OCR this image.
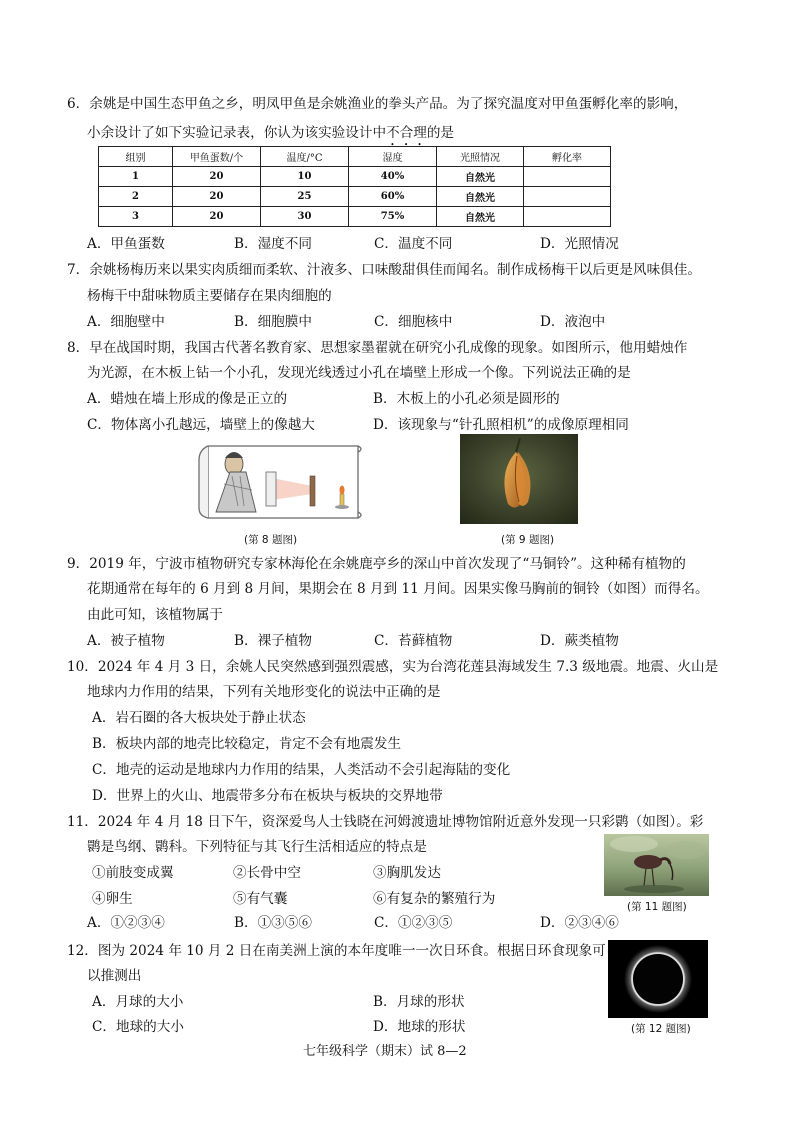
6．余姚是中国生态甲鱼之乡，明凤甲鱼是余姚渔业的拳头产品。为了探究温度对甲鱼蛋孵化率的影响，
小余设计了如下实验记录表，你认为该实验设计中不合理的是
组别	甲鱼蛋数/个	温度/°C	湿度	光照情况	孵化率
1	20	10	40%	自然光	
2	20	25	60%	自然光	
3	20	30	75%	自然光	
A．甲鱼蛋数	B．湿度不同	C．温度不同	D．光照情况
7．余姚杨梅历来以果实肉质细而柔软、汁液多、口味酸甜俱佳而闻名。制作成杨梅干以后更是风味俱佳。
杨梅干中甜味物质主要储存在果肉细胞的
A．细胞壁中	B．细胞膜中	C．细胞核中	D．液泡中
8．早在战国时期，我国古代著名教育家、思想家墨翟就在研究小孔成像的现象。如图所示，他用蜡烛作
为光源，在木板上钻一个小孔，发现光线透过小孔在墙壁上形成一个像。下列说法正确的是
A．蜡烛在墙上形成的像是正立的	B．木板上的小孔必须是圆形的
C．物体离小孔越远，墙壁上的像越大	D．该现象与“针孔照相机”的成像原理相同
(第 8 题图)	(第 9 题图)
9．2019 年，宁波市植物研究专家林海伦在余姚鹿亭乡的深山中首次发现了“马铜铃”。这种稀有植物的
花期通常在每年的 6 月到 8 月间，果期会在 8 月到 11 月间。因果实像马胸前的铜铃（如图）而得名。
由此可知，该植物属于
A．被子植物	B．裸子植物	C．苔藓植物	D．蕨类植物
10．2024 年 4 月 3 日，余姚人民突然感到强烈震感，实为台湾花莲县海域发生 7.3 级地震。地震、火山是
地球内力作用的结果，下列有关地形变化的说法中正确的是
A．岩石圈的各大板块处于静止状态
B．板块内部的地壳比较稳定，肯定不会有地震发生
C．地壳的运动是地球内力作用的结果，人类活动不会引起海陆的变化
D．世界上的火山、地震带多分布在板块与板块的交界地带
11．2024 年 4 月 18 日下午，资深爱鸟人士钱晓在河姆渡遗址博物馆附近意外发现一只彩鹮（如图）。彩
鹮是鸟纲、鹮科。下列特征与其飞行生活相适应的特点是
①前肢变成翼	②长骨中空	③胸肌发达
④卵生	⑤有气囊	⑥有复杂的繁殖行为
A．①②③④	B．①③⑤⑥	C．①②③⑤	D．②③④⑥
(第 11 题图)
12．图为 2024 年 10 月 2 日在南美洲上演的本年度唯一一次日环食。根据日环食现象可
以推测出
A．月球的大小	B．月球的形状
C．地球的大小	D．地球的形状	(第 12 题图)
七年级科学（期末）试 8—2
